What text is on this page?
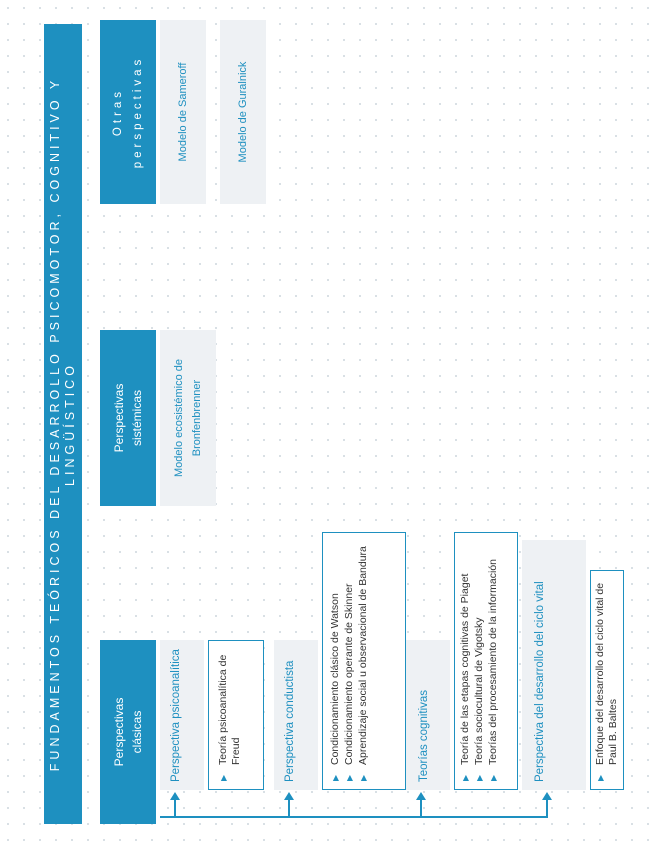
FUNDAMENTOS TEÓRICOS DEL DESARROLLO PSICOMOTOR, COGNITIVO Y LINGÜÍSTICO
Perspectivas clásicas
Perspectivas sistémicas	Modelo ecosistémico de Bronfenbrenner
Otras perspectivas	Modelo de Sameroff	Modelo de Guralnick
Perspectiva psicoanalítica	▶
Teoría psicoanalítica de Freud	Perspectiva conductista	▶
Condicionamiento clásico de Watson
▶
Condicionamiento operante de Skinner
▶
Aprendizaje social u observacional de Bandura	Teorías cognitivas	▶
Teoría de las etapas cognitivas de Piaget
▶
Teoría sociocultural de Vigotsky
▶
Teorías del procesamiento de la información	Perspectiva del desarrollo del ciclo vital	▶
Enfoque del desarrollo del ciclo vital de Paul B. Baltes
